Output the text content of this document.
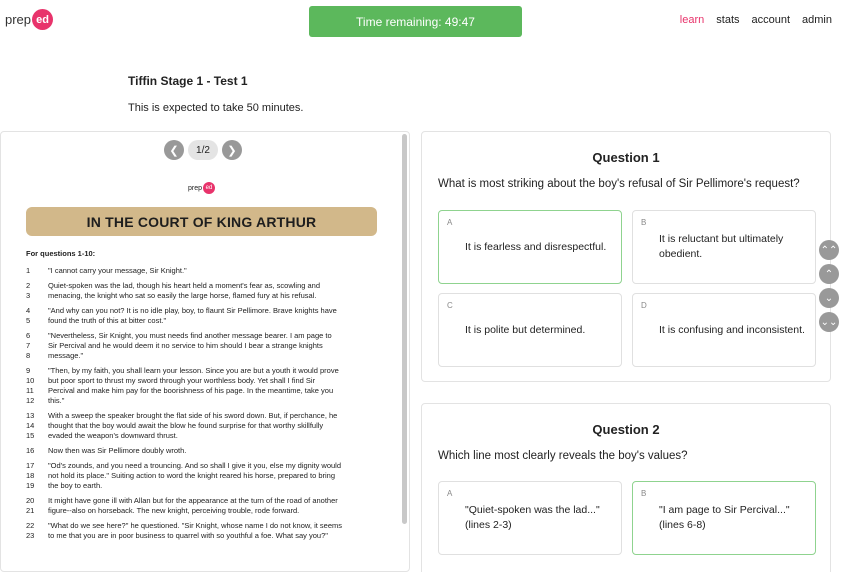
prep ed	Time remaining: 49:47	learn stats account admin
Tiffin Stage 1 - Test 1
This is expected to take 50 minutes.
❮	1/2	❯
prep ed
IN THE COURT OF KING ARTHUR
For questions 1-10:
1	"I cannot carry your message, Sir Knight."
2
3
Quiet-spoken was the lad, though his heart held a moment's fear as, scowling and
menacing, the knight who sat so easily the large horse, flamed fury at his refusal.
4
5
"And why can you not? It is no idle play, boy, to flaunt Sir Pellimore. Brave knights have
found the truth of this at bitter cost."
6
7
8
"Nevertheless, Sir Knight, you must needs find another message bearer. I am page to
Sir Percival and he would deem it no service to him should I bear a strange knights
message."
9
10
11
12
"Then, by my faith, you shall learn your lesson. Since you are but a youth it would prove
but poor sport to thrust my sword through your worthless body. Yet shall I find Sir
Percival and make him pay for the boorishness of his page. In the meantime, take you
this."
13
14
15
With a sweep the speaker brought the flat side of his sword down. But, if perchance, he
thought that the boy would await the blow he found surprise for that worthy skillfully
evaded the weapon's downward thrust.
16	Now then was Sir Pellimore doubly wroth.
17
18
19
"Od's zounds, and you need a trouncing. And so shall I give it you, else my dignity would
not hold its place." Suiting action to word the knight reared his horse, prepared to bring
the boy to earth.
20
21
It might have gone ill with Allan but for the appearance at the turn of the road of another
figure--also on horseback. The new knight, perceiving trouble, rode forward.
22
23
"What do we see here?" he questioned. "Sir Knight, whose name I do not know, it seems
to me that you are in poor business to quarrel with so youthful a foe. What say you?"
Question 1
What is most striking about the boy's refusal of Sir Pellimore's request?
A
It is fearless and disrespectful.
B
It is reluctant but ultimately obedient.
C
It is polite but determined.
D
It is confusing and inconsistent.
Question 2
Which line most clearly reveals the boy's values?
A
"Quiet-spoken was the lad..." (lines 2-3)
B
"I am page to Sir Percival..." (lines 6-8)
⌃⌃
⌃
⌄
⌄⌄
